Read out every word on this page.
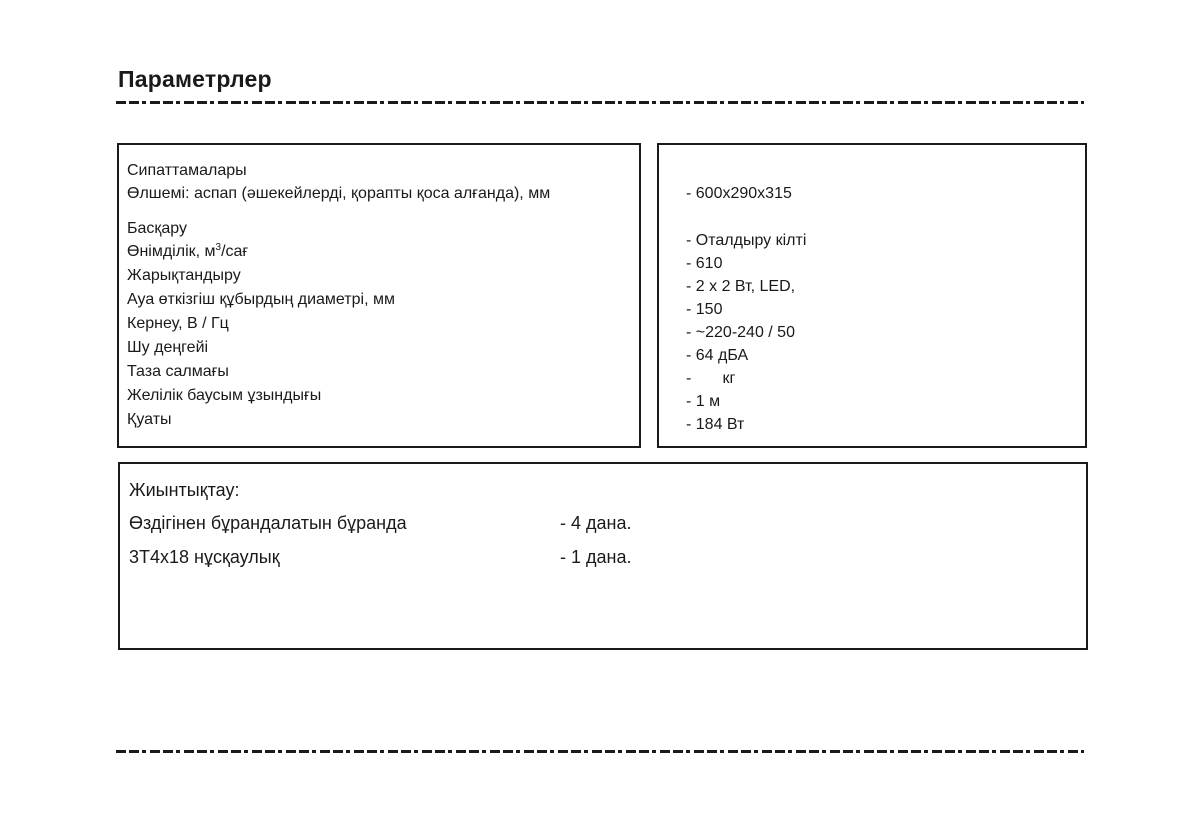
Параметрлер
Сипаттамалары
Өлшемі: аспап (әшекейлерді, қорапты қоса алғанда), мм
Басқару
Өнімділік, $м^3$/сағ
Жарықтандыру
Ауа өткізгіш құбырдың диаметрі, мм
Кернеу, В / Гц
Шу деңгейі
Таза салмағы
Желілік баусым ұзындығы
Қуаты
- 600x290x315
- Оталдыру кілті
- 610
- 2 х 2 Вт, LED,
- 150
- ~220-240 / 50
- 64 дБА
-       кг
- 1 м
- 184 Вт
Жиынтықтау:
Өздігінен бұрандалатын бұранда	- 4 дана.
3Т4х18 нұсқаулық	- 1 дана.
